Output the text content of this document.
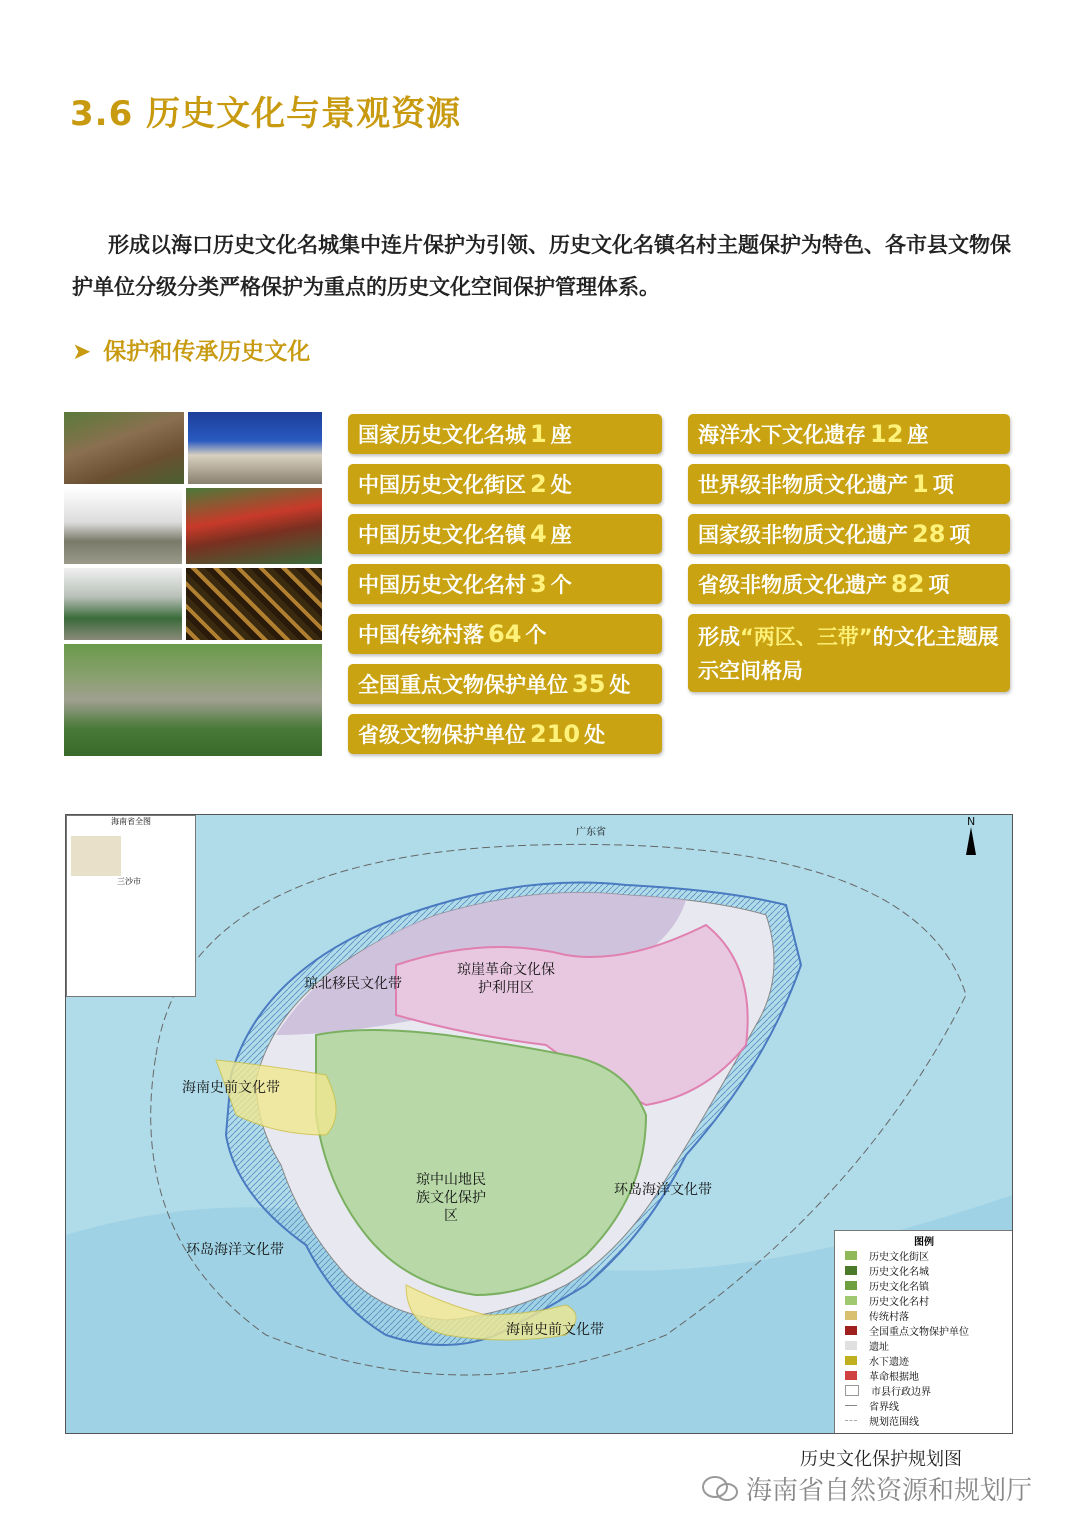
3.6 历史文化与景观资源
形成以海口历史文化名城集中连片保护为引领、历史文化名镇名村主题保护为特色、各市县文物保护单位分级分类严格保护为重点的历史文化空间保护管理体系。
➤ 保护和传承历史文化
国家历史文化名城 1 座
中国历史文化街区 2 处
中国历史文化名镇 4 座
中国历史文化名村 3 个
中国传统村落 64 个
全国重点文物保护单位 35 处
省级文物保护单位 210 处
海洋水下文化遗存 12 座
世界级非物质文化遗产 1 项
国家级非物质文化遗产 28 项
省级非物质文化遗产 82 项
形成“两区、三带”的文化主题展示空间格局
琼北移民文化带
琼崖革命文化保护利用区
海南史前文化带
环岛海洋文化带
琼中山地民族文化保护区
环岛海洋文化带
海南史前文化带
广东省
N
海南省全图
三沙市
图例
历史文化街区
历史文化名城
历史文化名镇
历史文化名村
传统村落
全国重点文物保护单位
遗址
水下遗迹
革命根据地
市县行政边界
省界线
规划范围线
历史文化保护规划图
海南省自然资源和规划厅
